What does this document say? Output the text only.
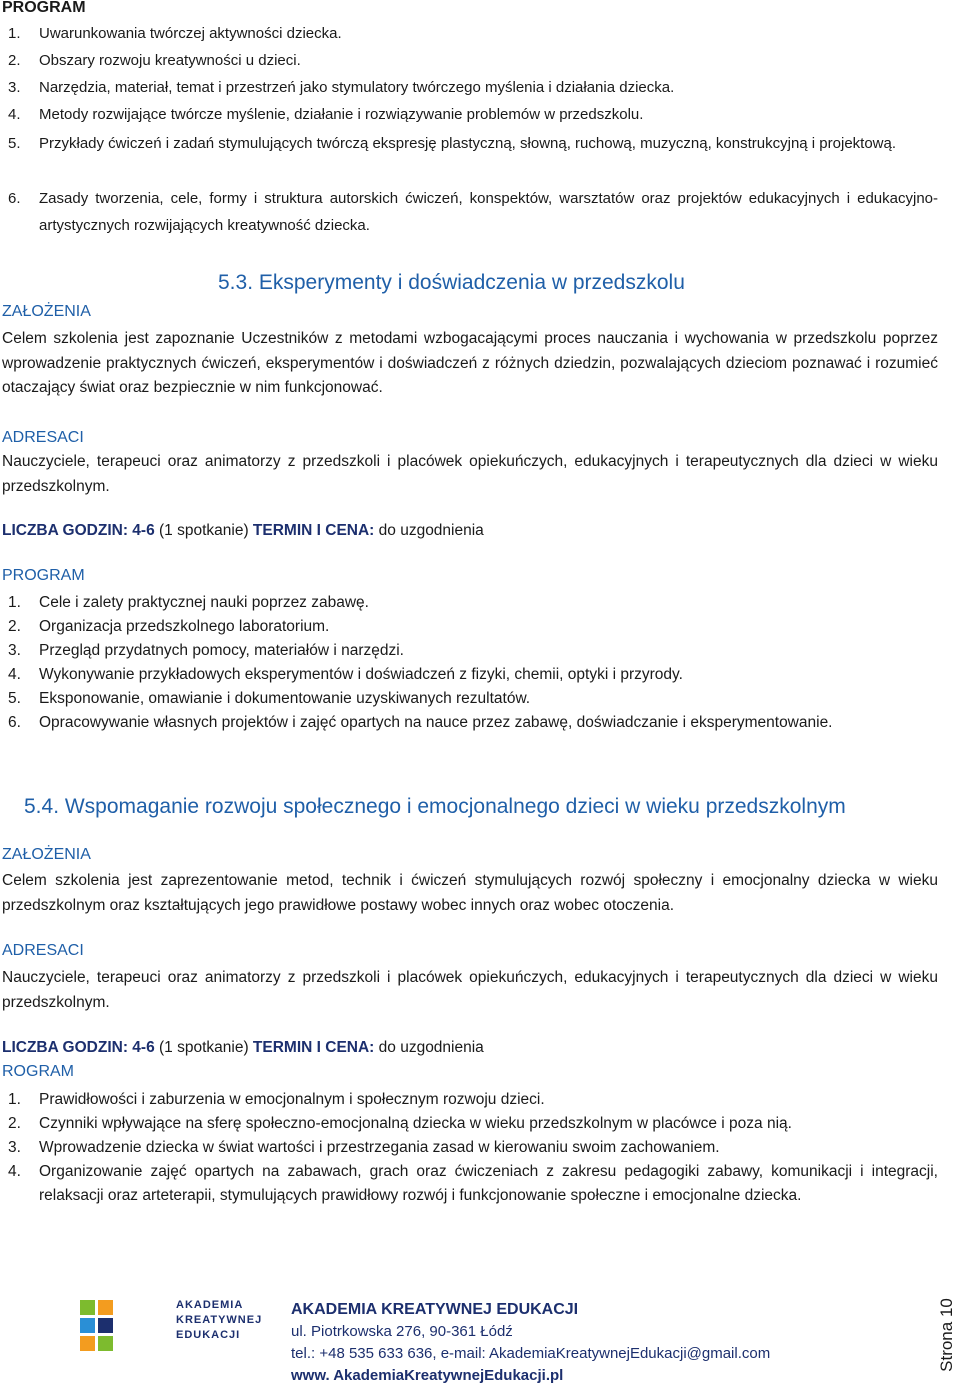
PROGRAM
1. Uwarunkowania twórczej aktywności dziecka.
2. Obszary rozwoju kreatywności u dzieci.
3. Narzędzia, materiał, temat i przestrzeń jako stymulatory twórczego myślenia i działania dziecka.
4. Metody rozwijające twórcze myślenie, działanie i rozwiązywanie problemów w przedszkolu.
5. Przykłady ćwiczeń i zadań stymulujących twórczą ekspresję plastyczną, słowną, ruchową, muzyczną, konstrukcyjną i projektową.
6. Zasady tworzenia, cele, formy i struktura autorskich ćwiczeń, konspektów, warsztatów oraz projektów edukacyjnych i edukacyjno-artystycznych rozwijających kreatywność dziecka.
5.3. Eksperymenty i doświadczenia w przedszkolu
ZAŁOŻENIA
Celem szkolenia jest zapoznanie Uczestników z metodami wzbogacającymi proces nauczania i wychowania w przedszkolu poprzez wprowadzenie praktycznych ćwiczeń, eksperymentów i doświadczeń z różnych dziedzin, pozwalających dzieciom poznawać i rozumieć otaczający świat oraz bezpiecznie w nim funkcjonować.
ADRESACI
Nauczyciele, terapeuci oraz animatorzy z przedszkoli i placówek opiekuńczych, edukacyjnych i terapeutycznych dla dzieci w wieku przedszkolnym.
LICZBA GODZIN: 4-6 (1 spotkanie) TERMIN I CENA: do uzgodnienia
PROGRAM
1. Cele i zalety praktycznej nauki poprzez zabawę.
2. Organizacja przedszkolnego laboratorium.
3. Przegląd przydatnych pomocy, materiałów i narzędzi.
4. Wykonywanie przykładowych eksperymentów i doświadczeń z fizyki, chemii, optyki i przyrody.
5. Eksponowanie, omawianie i dokumentowanie uzyskiwanych rezultatów.
6. Opracowywanie własnych projektów i zajęć opartych na nauce przez zabawę, doświadczanie i eksperymentowanie.
5.4. Wspomaganie rozwoju społecznego i emocjonalnego dzieci w wieku przedszkolnym
ZAŁOŻENIA
Celem szkolenia jest zaprezentowanie metod, technik i ćwiczeń stymulujących rozwój społeczny i emocjonalny dziecka w wieku przedszkolnym oraz kształtujących jego prawidłowe postawy wobec innych oraz wobec otoczenia.
ADRESACI
Nauczyciele, terapeuci oraz animatorzy z przedszkoli i placówek opiekuńczych, edukacyjnych i terapeutycznych dla dzieci w wieku przedszkolnym.
LICZBA GODZIN: 4-6 (1 spotkanie) TERMIN I CENA: do uzgodnienia
ROGRAM
1. Prawidłowości i zaburzenia w emocjonalnym i społecznym rozwoju dzieci.
2. Czynniki wpływające na sferę społeczno-emocjonalną dziecka w wieku przedszkolnym w placówce i poza nią.
3. Wprowadzenie dziecka w świat wartości i przestrzegania zasad w kierowaniu swoim zachowaniem.
4. Organizowanie zajęć opartych na zabawach, grach oraz ćwiczeniach z zakresu pedagogiki zabawy, komunikacji i integracji, relaksacji oraz arteterapii, stymulujących prawidłowy rozwój i funkcjonowanie społeczne i emocjonalne dziecka.
AKADEMIA
KREATYWNEJ
EDUKACJI
AKADEMIA KREATYWNEJ EDUKACJI
ul. Piotrkowska 276, 90-361 Łódź
tel.: +48 535 633 636, e-mail: AkademiaKreatywnejEdukacji@gmail.com
www. AkademiaKreatywnejEdukacji.pl
Strona 10
